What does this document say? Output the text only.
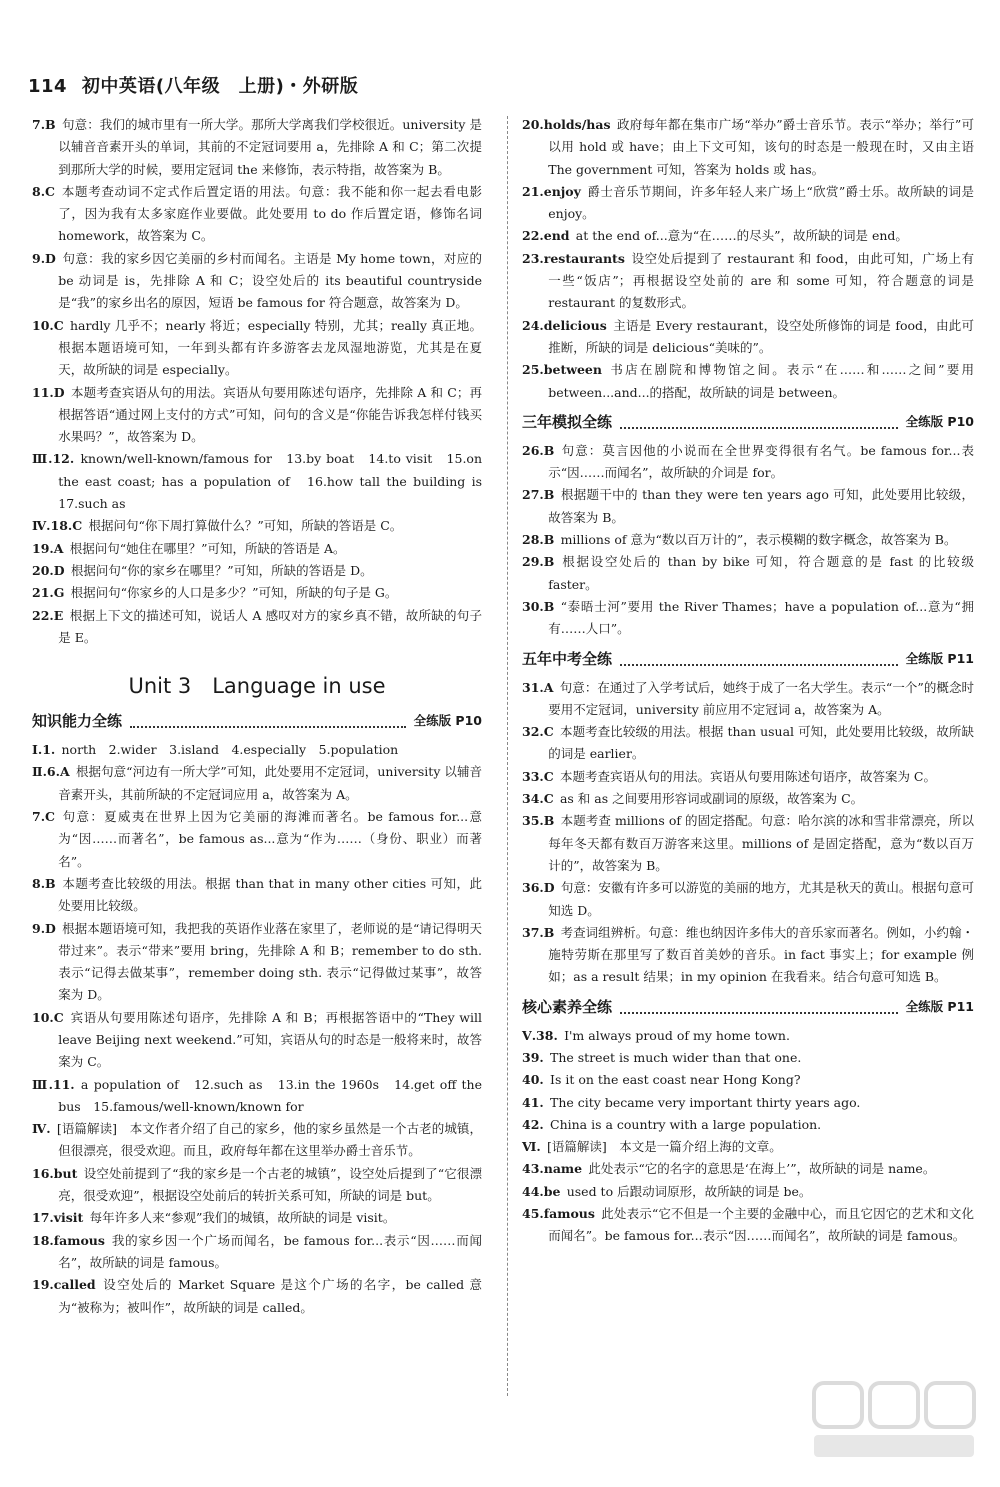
114 初中英语(八年级　上册)・外研版

7.B  句意：我们的城市里有一所大学。那所大学离我们学校很近。university 是以辅音音素开头的单词，其前的不定冠词要用 a，先排除 A 和 C；第二次提到那所大学的时候，要用定冠词 the 来修饰，表示特指，故答案为 B。

8.C  本题考查动词不定式作后置定语的用法。句意：我不能和你一起去看电影了，因为我有太多家庭作业要做。此处要用 to do 作后置定语，修饰名词 homework，故答案为 C。

9.D  句意：我的家乡因它美丽的乡村而闻名。主语是 My home town，对应的 be 动词是 is，先排除 A 和 C；设空处后的 its beautiful countryside 是“我”的家乡出名的原因，短语 be famous for 符合题意，故答案为 D。

10.C  hardly 几乎不；nearly 将近；especially 特别，尤其；really 真正地。根据本题语境可知，一年到头都有许多游客去龙凤湿地游览，尤其是在夏天，故所缺的词是 especially。

11.D  本题考查宾语从句的用法。宾语从句要用陈述句语序，先排除 A 和 C；再根据答语“通过网上支付的方式”可知，问句的含义是“你能告诉我怎样付钱买水果吗？”，故答案为 D。

Ⅲ.12.  known/well-known/famous for　13.by boat　14.to visit　15.on the east coast; has a population of　16.how tall the building is　17.such as

Ⅳ.18.C  根据问句“你下周打算做什么？”可知，所缺的答语是 C。

19.A  根据问句“她住在哪里？”可知，所缺的答语是 A。

20.D  根据问句“你的家乡在哪里？”可知，所缺的答语是 D。

21.G  根据问句“你家乡的人口是多少？”可知，所缺的句子是 G。

22.E  根据上下文的描述可知，说话人 A 感叹对方的家乡真不错，故所缺的句子是 E。

Unit 3　Language in use
知识能力全练	全练版 P10

Ⅰ.1.  north　2.wider　3.island　4.especially　5.population

Ⅱ.6.A  根据句意“河边有一所大学”可知，此处要用不定冠词，university 以辅音音素开头，其前所缺的不定冠词应用 a，故答案为 A。

7.C  句意：夏威夷在世界上因为它美丽的海滩而著名。be famous for...意为“因……而著名”，be famous as...意为“作为……（身份、职业）而著名”。

8.B  本题考查比较级的用法。根据 than that in many other cities 可知，此处要用比较级。

9.D  根据本题语境可知，我把我的英语作业落在家里了，老师说的是“请记得明天带过来”。表示“带来”要用 bring，先排除 A 和 B；remember to do sth. 表示“记得去做某事”，remember doing sth. 表示“记得做过某事”，故答案为 D。

10.C  宾语从句要用陈述句语序，先排除 A 和 B；再根据答语中的“They will leave Beijing next weekend.”可知，宾语从句的时态是一般将来时，故答案为 C。

Ⅲ.11.  a population of　12.such as　13.in the 1960s　14.get off the bus　15.famous/well-known/known for

Ⅳ.  [语篇解读]　本文作者介绍了自己的家乡，他的家乡虽然是一个古老的城镇，但很漂亮，很受欢迎。而且，政府每年都在这里举办爵士音乐节。

16.but  设空处前提到了“我的家乡是一个古老的城镇”，设空处后提到了“它很漂亮，很受欢迎”，根据设空处前后的转折关系可知，所缺的词是 but。

17.visit  每年许多人来“参观”我们的城镇，故所缺的词是 visit。

18.famous  我的家乡因一个广场而闻名，be famous for...表示“因……而闻名”，故所缺的词是 famous。

19.called  设空处后的 Market Square 是这个广场的名字，be called 意为“被称为；被叫作”，故所缺的词是 called。

20.holds/has  政府每年都在集市广场“举办”爵士音乐节。表示“举办；举行”可以用 hold 或 have；由上下文可知，该句的时态是一般现在时，又由主语 The government 可知，答案为 holds 或 has。

21.enjoy  爵士音乐节期间，许多年轻人来广场上“欣赏”爵士乐。故所缺的词是 enjoy。

22.end  at the end of...意为“在……的尽头”，故所缺的词是 end。

23.restaurants  设空处后提到了 restaurant 和 food，由此可知，广场上有一些“饭店”；再根据设空处前的 are 和 some 可知，符合题意的词是 restaurant 的复数形式。

24.delicious  主语是 Every restaurant，设空处所修饰的词是 food，由此可推断，所缺的词是 delicious“美味的”。

25.between  书店在剧院和博物馆之间。表示“在……和……之间”要用 between...and...的搭配，故所缺的词是 between。

三年模拟全练	全练版 P10

26.B  句意：莫言因他的小说而在全世界变得很有名气。be famous for...表示“因……而闻名”，故所缺的介词是 for。

27.B  根据题干中的 than they were ten years ago 可知，此处要用比较级，故答案为 B。

28.B  millions of 意为“数以百万计的”，表示模糊的数字概念，故答案为 B。

29.B  根据设空处后的 than by bike 可知，符合题意的是 fast 的比较级 faster。

30.B  “泰晤士河”要用 the River Thames；have a population of...意为“拥有……人口”。

五年中考全练	全练版 P11

31.A  句意：在通过了入学考试后，她终于成了一名大学生。表示“一个”的概念时要用不定冠词，university 前应用不定冠词 a，故答案为 A。

32.C  本题考查比较级的用法。根据 than usual 可知，此处要用比较级，故所缺的词是 earlier。

33.C  本题考查宾语从句的用法。宾语从句要用陈述句语序，故答案为 C。

34.C  as 和 as 之间要用形容词或副词的原级，故答案为 C。

35.B  本题考查 millions of 的固定搭配。句意：哈尔滨的冰和雪非常漂亮，所以每年冬天都有数百万游客来这里。millions of 是固定搭配，意为“数以百万计的”，故答案为 B。

36.D  句意：安徽有许多可以游览的美丽的地方，尤其是秋天的黄山。根据句意可知选 D。

37.B  考查词组辨析。句意：维也纳因许多伟大的音乐家而著名。例如，小约翰・施特劳斯在那里写了数百首美妙的音乐。in fact 事实上；for example 例如；as a result 结果；in my opinion 在我看来。结合句意可知选 B。

核心素养全练	全练版 P11

Ⅴ.38.  I'm always proud of my home town.

39.  The street is much wider than that one.

40.  Is it on the east coast near Hong Kong?

41.  The city became very important thirty years ago.

42.  China is a country with a large population.

Ⅵ.  [语篇解读]　本文是一篇介绍上海的文章。

43.name  此处表示“它的名字的意思是‘在海上’”，故所缺的词是 name。

44.be  used to 后跟动词原形，故所缺的词是 be。

45.famous  此处表示“它不但是一个主要的金融中心，而且它因它的艺术和文化而闻名”。be famous for...表示“因……而闻名”，故所缺的词是 famous。
